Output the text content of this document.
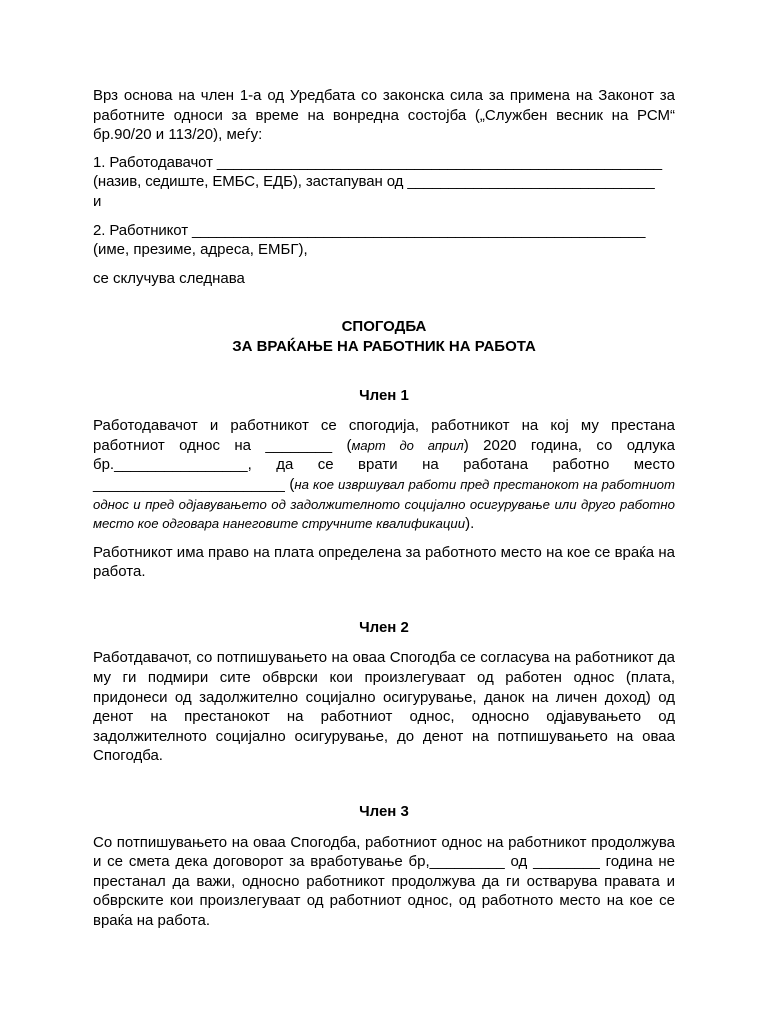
Врз основа на член 1-а од Уредбата со законска сила за примена на Законот за работните односи за време на вонредна состојба („Службен весник на РСМ“ бр.90/20 и 113/20), меѓу:

1. Работодавачот ______________________________________________________

(назив, седиште, ЕМБС, ЕДБ), застапуван од ______________________________

и

2. Работникот _______________________________________________________

(име, презиме, адреса, ЕМБГ),

се склучува следнава

СПОГОДБА

ЗА ВРАЌАЊЕ НА РАБОТНИК НА РАБОТА

Член 1

Работодавачот и работникот се спогодија, работникот на кој му престана работниот однос на ________ (март до април) 2020 година, со одлука бр.________________, да се врати на работана работно место _______________________ (на кое извршувал работи пред престанокот на работниот однос и пред одјавувањето од задолжителното социјално осигурување или друго работно место кое одговара нанеговите стручните квалификации).

Работникот има право на плата определена за работното место на кое се враќа на работа.

Член 2

Работдавачот, со потпишувањето на оваа Спогодба се согласува на работникот да му ги подмири сите обврски кои произлегуваат од работен однос (плата, придонеси од задолжително социјално осигурување, данок на личен доход) од денот на престанокот на работниот однос, односно одјавувањето од задолжителното социјално осигурување, до денот на потпишувањето на оваа Спогодба.

Член 3

Со потпишувањето на оваа Спогодба, работниот однос на работникот продолжува и се смета дека договорот за вработување бр,_________ од ________ година не престанал да важи, односно работникот продолжува да ги остварува правата и обврските кои произлегуваат од работниот однос, од работното место на кое се враќа на работа.
